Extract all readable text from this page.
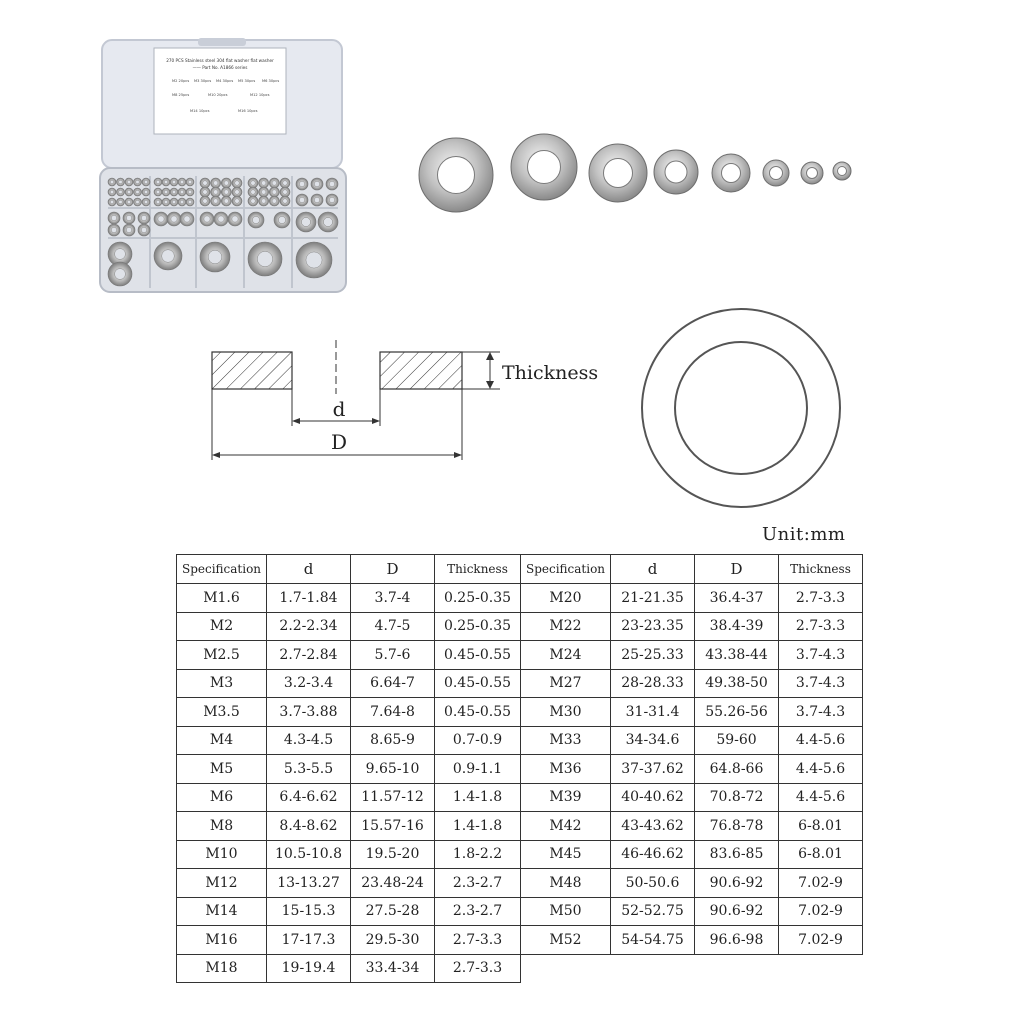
270 PCS Stainless steel 304 flat washer flat washer
—— Part No. A1866 series
M2 20pcs M3 30pcs M4 30pcs M5 30pcs M6 30pcs
M8 25pcs	M10 20pcs	M12 10pcs
M14 10pcs	M16 10pcs
Thickness
d
D
Unit:mm
Specification	d	D	Thickness	Specification	d	D	Thickness
M1.6	1.7-1.84	3.7-4	0.25-0.35	M20	21-21.35	36.4-37	2.7-3.3
M2	2.2-2.34	4.7-5	0.25-0.35	M22	23-23.35	38.4-39	2.7-3.3
M2.5	2.7-2.84	5.7-6	0.45-0.55	M24	25-25.33	43.38-44	3.7-4.3
M3	3.2-3.4	6.64-7	0.45-0.55	M27	28-28.33	49.38-50	3.7-4.3
M3.5	3.7-3.88	7.64-8	0.45-0.55	M30	31-31.4	55.26-56	3.7-4.3
M4	4.3-4.5	8.65-9	0.7-0.9	M33	34-34.6	59-60	4.4-5.6
M5	5.3-5.5	9.65-10	0.9-1.1	M36	37-37.62	64.8-66	4.4-5.6
M6	6.4-6.62	11.57-12	1.4-1.8	M39	40-40.62	70.8-72	4.4-5.6
M8	8.4-8.62	15.57-16	1.4-1.8	M42	43-43.62	76.8-78	6-8.01
M10	10.5-10.8	19.5-20	1.8-2.2	M45	46-46.62	83.6-85	6-8.01
M12	13-13.27	23.48-24	2.3-2.7	M48	50-50.6	90.6-92	7.02-9
M14	15-15.3	27.5-28	2.3-2.7	M50	52-52.75	90.6-92	7.02-9
M16	17-17.3	29.5-30	2.7-3.3	M52	54-54.75	96.6-98	7.02-9
M18	19-19.4	33.4-34	2.7-3.3				
